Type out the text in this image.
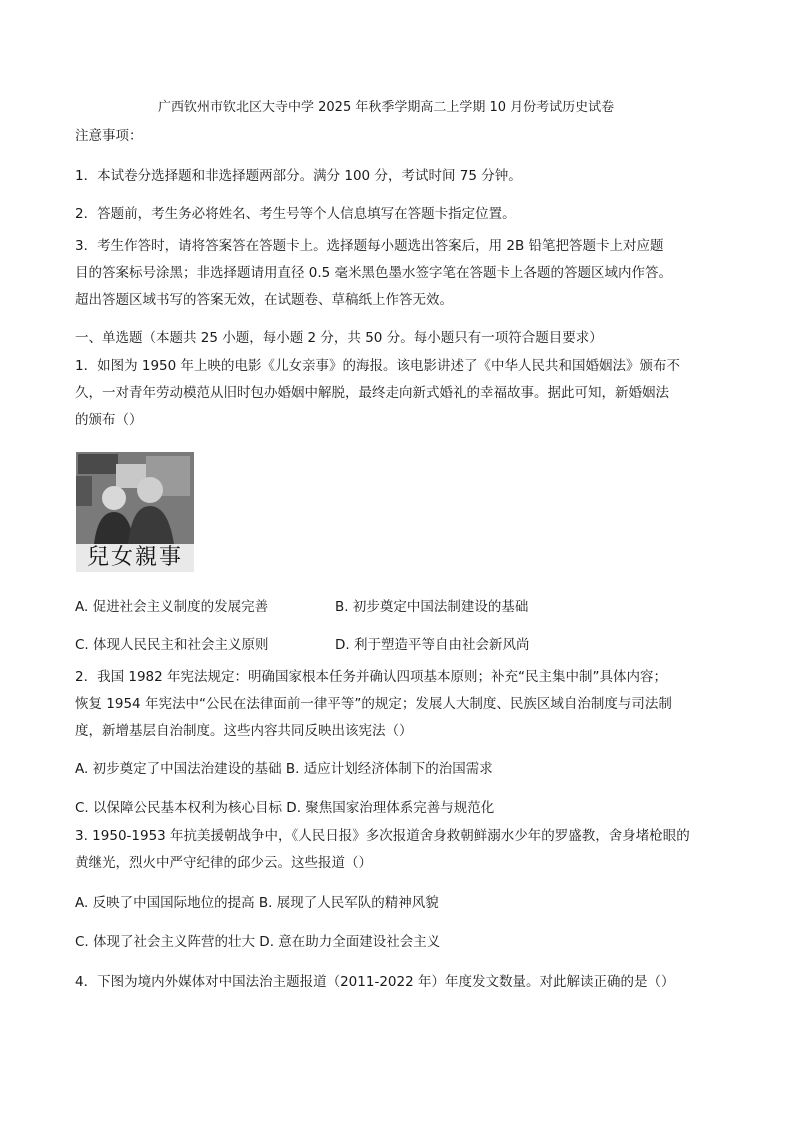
广西钦州市钦北区大寺中学 2025 年秋季学期高二上学期 10 月份考试历史试卷
注意事项：
1．本试卷分选择题和非选择题两部分。满分 100 分，考试时间 75 分钟。
2．答题前，考生务必将姓名、考生号等个人信息填写在答题卡指定位置。
3．考生作答时，请将答案答在答题卡上。选择题每小题选出答案后，用 2B 铅笔把答题卡上对应题
目的答案标号涂黑；非选择题请用直径 0.5 毫米黑色墨水签字笔在答题卡上各题的答题区域内作答。
超出答题区域书写的答案无效，在试题卷、草稿纸上作答无效。
一、单选题（本题共 25 小题，每小题 2 分，共 50 分。每小题只有一项符合题目要求）
1．如图为 1950 年上映的电影《儿女亲事》的海报。该电影讲述了《中华人民共和国婚姻法》颁布不
久，一对青年劳动模范从旧时包办婚姻中解脱，最终走向新式婚礼的幸福故事。据此可知，新婚姻法
的颁布（）
兒女親事
A. 促进社会主义制度的发展完善	B. 初步奠定中国法制建设的基础
C. 体现人民民主和社会主义原则	D. 利于塑造平等自由社会新风尚
2．我国 1982 年宪法规定：明确国家根本任务并确认四项基本原则；补充“民主集中制”具体内容；
恢复 1954 年宪法中“公民在法律面前一律平等”的规定；发展人大制度、民族区域自治制度与司法制
度，新增基层自治制度。这些内容共同反映出该宪法（）
A. 初步奠定了中国法治建设的基础 B. 适应计划经济体制下的治国需求
C. 以保障公民基本权利为核心目标 D. 聚焦国家治理体系完善与规范化
3. 1950-1953 年抗美援朝战争中，《人民日报》多次报道舍身救朝鲜溺水少年的罗盛教，舍身堵枪眼的
黄继光，烈火中严守纪律的邱少云。这些报道（）
A. 反映了中国国际地位的提高 B. 展现了人民军队的精神风貌
C. 体现了社会主义阵营的壮大 D. 意在助力全面建设社会主义
4．下图为境内外媒体对中国法治主题报道（2011-2022 年）年度发文数量。对此解读正确的是（）
